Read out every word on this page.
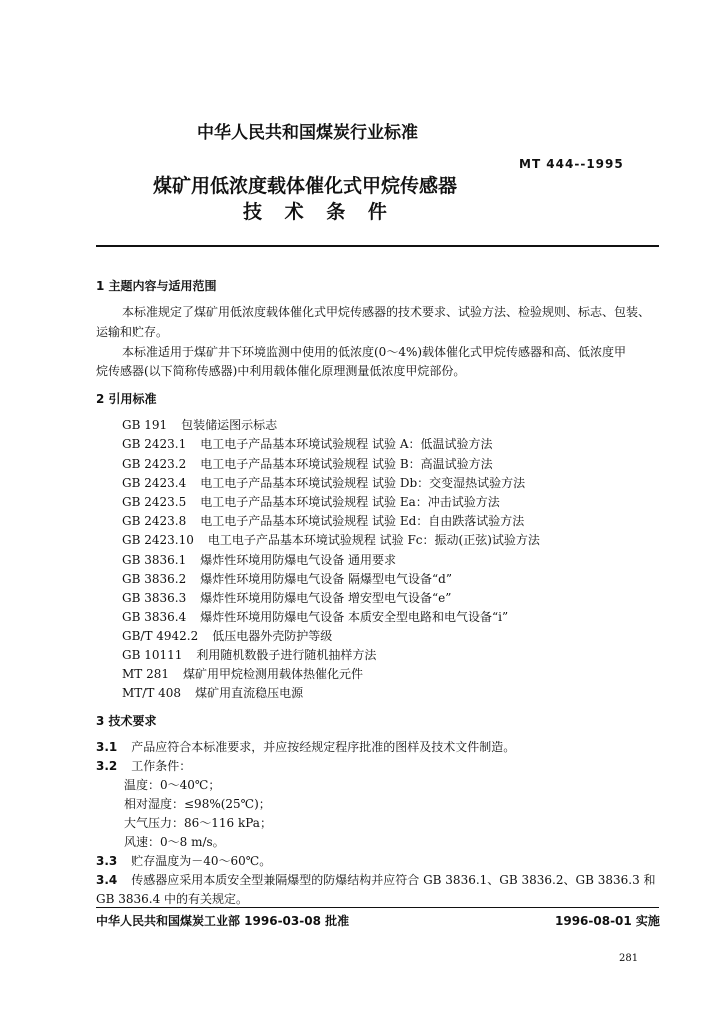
中华人民共和国煤炭行业标准
MT 444--1995
煤矿用低浓度载体催化式甲烷传感器
技 术 条 件
1 主题内容与适用范围
本标准规定了煤矿用低浓度载体催化式甲烷传感器的技术要求、试验方法、检验规则、标志、包装、
运输和贮存。
本标准适用于煤矿井下环境监测中使用的低浓度(0～4%)载体催化式甲烷传感器和高、低浓度甲
烷传感器(以下简称传感器)中利用载体催化原理测量低浓度甲烷部份。
2 引用标准
GB 191 包装储运图示标志
GB 2423.1 电工电子产品基本环境试验规程 试验 A：低温试验方法
GB 2423.2 电工电子产品基本环境试验规程 试验 B：高温试验方法
GB 2423.4 电工电子产品基本环境试验规程 试验 Db：交变湿热试验方法
GB 2423.5 电工电子产品基本环境试验规程 试验 Ea：冲击试验方法
GB 2423.8 电工电子产品基本环境试验规程 试验 Ed：自由跌落试验方法
GB 2423.10 电工电子产品基本环境试验规程 试验 Fc：振动(正弦)试验方法
GB 3836.1 爆炸性环境用防爆电气设备 通用要求
GB 3836.2 爆炸性环境用防爆电气设备 隔爆型电气设备“d”
GB 3836.3 爆炸性环境用防爆电气设备 增安型电气设备“e”
GB 3836.4 爆炸性环境用防爆电气设备 本质安全型电路和电气设备“i”
GB/T 4942.2 低压电器外壳防护等级
GB 10111 利用随机数骰子进行随机抽样方法
MT 281 煤矿用甲烷检测用载体热催化元件
MT/T 408 煤矿用直流稳压电源
3 技术要求
3.1 产品应符合本标准要求，并应按经规定程序批准的图样及技术文件制造。
3.2 工作条件：
温度：0～40℃；
相对湿度：≤98%(25℃)；
大气压力：86～116 kPa；
风速：0～8 m/s。
3.3 贮存温度为－40～60℃。
3.4 传感器应采用本质安全型兼隔爆型的防爆结构并应符合 GB 3836.1、GB 3836.2、GB 3836.3 和
GB 3836.4 中的有关规定。
中华人民共和国煤炭工业部 1996-03-08 批准	1996-08-01 实施
281
